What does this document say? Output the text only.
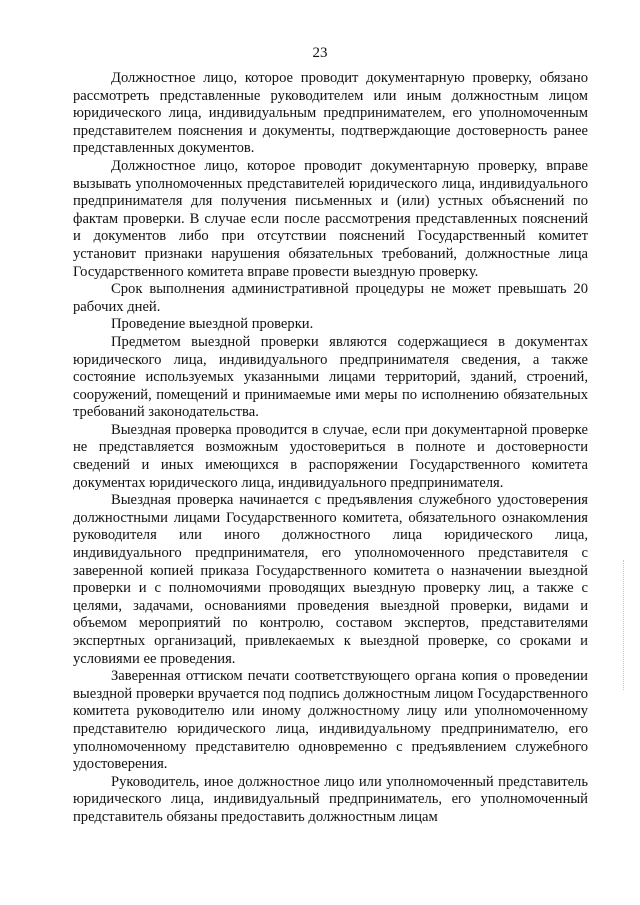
23

Должностное лицо, которое проводит документарную проверку, обязано рассмотреть представленные руководителем или иным должностным лицом юридического лица, индивидуальным предпринимателем, его уполномоченным представителем пояснения и документы, подтверждающие достоверность ранее представленных документов.

Должностное лицо, которое проводит документарную проверку, вправе вызывать уполномоченных представителей юридического лица, индивидуального предпринимателя для получения письменных и (или) устных объяснений по фактам проверки. В случае если после рассмотрения представленных пояснений и документов либо при отсутствии пояснений Государственный комитет установит признаки нарушения обязательных требований, должностные лица Государственного комитета вправе провести выездную проверку.

Срок выполнения административной процедуры не может превышать 20 рабочих дней.

Проведение выездной проверки.

Предметом выездной проверки являются содержащиеся в документах юридического лица, индивидуального предпринимателя сведения, а также состояние используемых указанными лицами территорий, зданий, строений, сооружений, помещений и принимаемые ими меры по исполнению обязательных требований законодательства.

Выездная проверка проводится в случае, если при документарной проверке не представляется возможным удостовериться в полноте и достоверности сведений и иных имеющихся в распоряжении Государственного комитета документах юридического лица, индивидуального предпринимателя.

Выездная проверка начинается с предъявления служебного удостоверения должностными лицами Государственного комитета, обязательного ознакомления руководителя или иного должностного лица юридического лица, индивидуального предпринимателя, его уполномоченного представителя с заверенной копией приказа Государственного комитета о назначении выездной проверки и с полномочиями проводящих выездную проверку лиц, а также с целями, задачами, основаниями проведения выездной проверки, видами и объемом мероприятий по контролю, составом экспертов, представителями экспертных организаций, привлекаемых к выездной проверке, со сроками и условиями ее проведения.

Заверенная оттиском печати соответствующего органа копия о проведении выездной проверки вручается под подпись должностным лицом Государственного комитета руководителю или иному должностному лицу или уполномоченному представителю юридического лица, индивидуальному предпринимателю, его уполномоченному представителю одновременно с предъявлением служебного удостоверения.

Руководитель, иное должностное лицо или уполномоченный представитель юридического лица, индивидуальный предприниматель, его уполномоченный представитель обязаны предоставить должностным лицам
